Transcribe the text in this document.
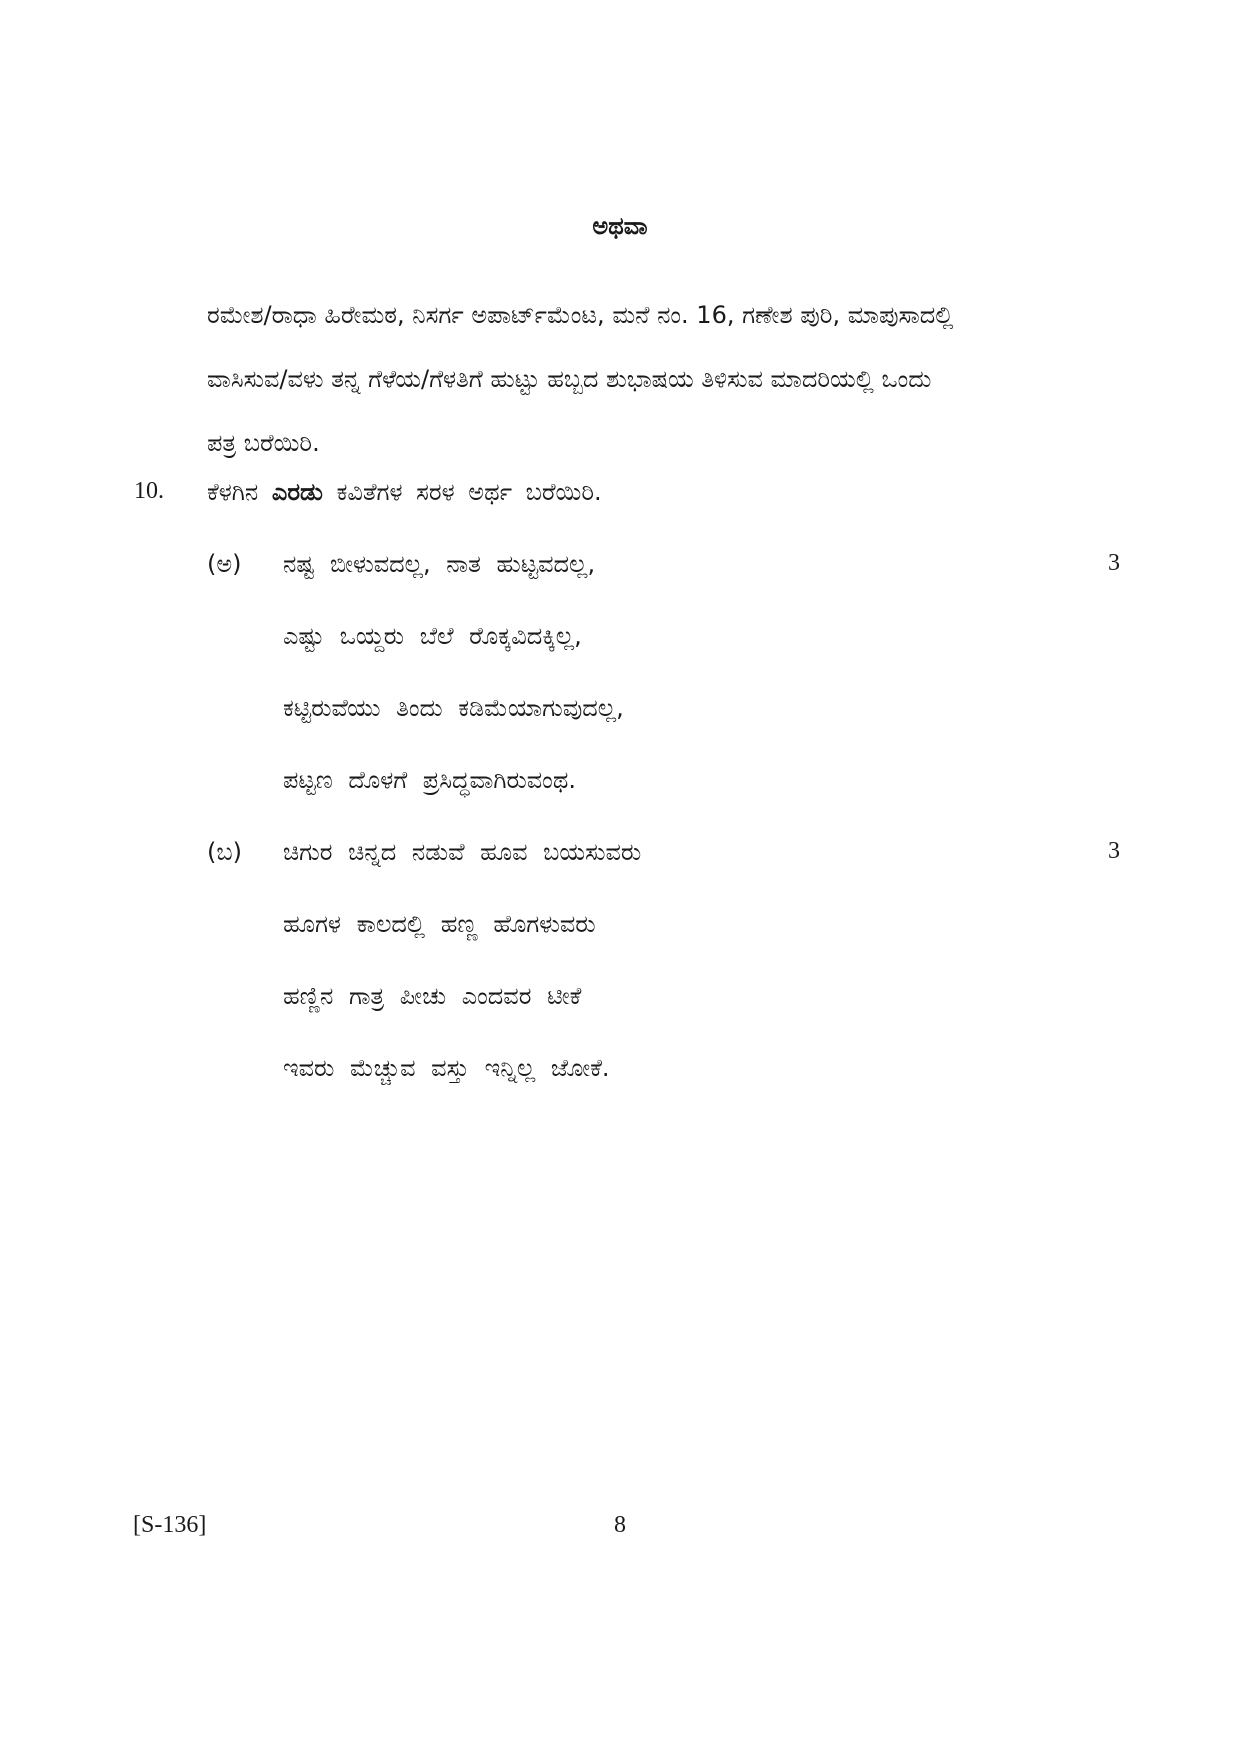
ಅಥವಾ
ರಮೇಶ/ರಾಧಾ ಹಿರೇಮಠ, ನಿಸರ್ಗ ಅಪಾರ್ಟ್‌ಮೆಂಟ, ಮನೆ ನಂ. 16, ಗಣೇಶ ಪುರಿ, ಮಾಪುಸಾದಲ್ಲಿ
ವಾಸಿಸುವ/ವಳು ತನ್ನ ಗೆಳೆಯ/ಗೆಳತಿಗೆ ಹುಟ್ಟು ಹಬ್ಬದ ಶುಭಾಷಯ ತಿಳಿಸುವ ಮಾದರಿಯಲ್ಲಿ ಒಂದು
ಪತ್ರ ಬರೆಯಿರಿ.
10. ಕೆಳಗಿನ ಎರಡು ಕವಿತೆಗಳ ಸರಳ ಅರ್ಥ ಬರೆಯಿರಿ.
(ಅ)	3
ನಷ್ಟ ಬೀಳುವದಲ್ಲ, ನಾತ ಹುಟ್ಟವದಲ್ಲ,
ಎಷ್ಟು ಒಯ್ದರು ಬೆಲೆ ರೊಕ್ಕವಿದಕ್ಕಿಲ್ಲ,
ಕಟ್ಟಿರುವೆಯು ತಿಂದು ಕಡಿಮೆಯಾಗುವುದಲ್ಲ,
ಪಟ್ಟಣ ದೊಳಗೆ ಪ್ರಸಿದ್ಧವಾಗಿರುವಂಥ.
(ಬ)	3
ಚಿಗುರ ಚಿನ್ನದ ನಡುವೆ ಹೂವ ಬಯಸುವರು
ಹೂಗಳ ಕಾಲದಲ್ಲಿ ಹಣ್ಣ ಹೊಗಳುವರು
ಹಣ್ಣಿನ ಗಾತ್ರ ಪೀಚು ಎಂದವರ ಟೀಕೆ
ಇವರು ಮೆಚ್ಚುವ ವಸ್ತು ಇನ್ನಿಲ್ಲ ಜೋಕೆ.
[S-136]	8
